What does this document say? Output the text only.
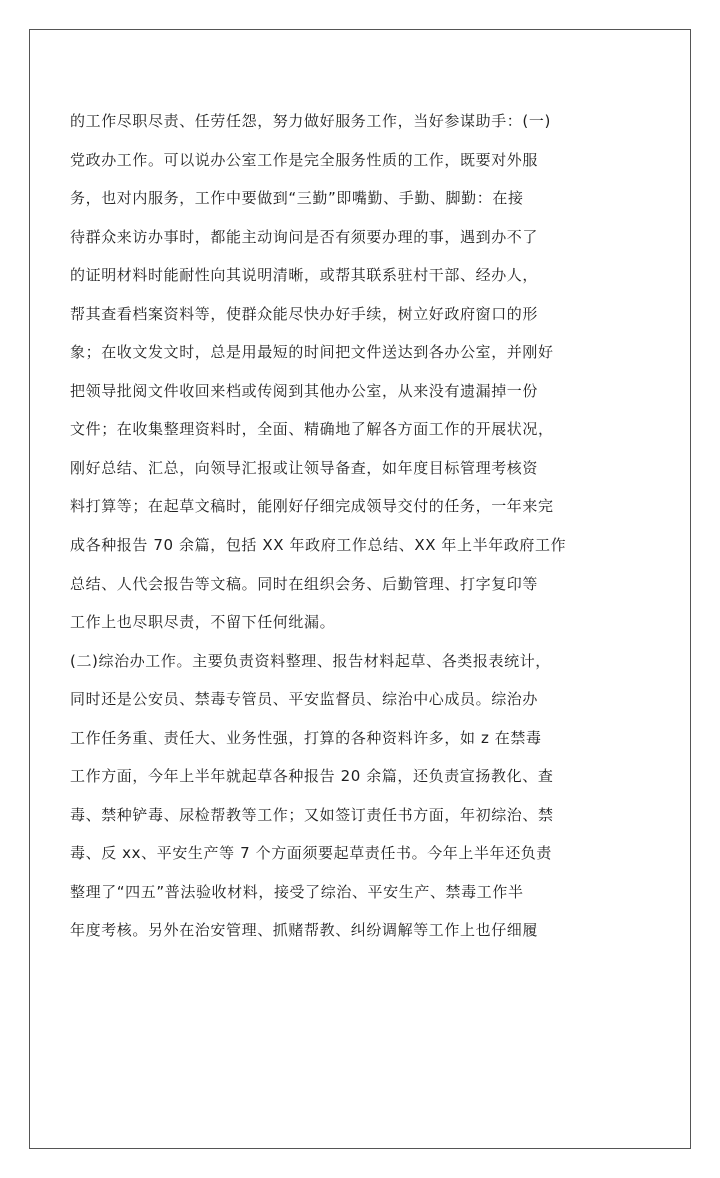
的工作尽职尽责、任劳任怨，努力做好服务工作，当好参谋助手：(一)
党政办工作。可以说办公室工作是完全服务性质的工作，既要对外服
务，也对内服务，工作中要做到“三勤”即嘴勤、手勤、脚勤：在接
待群众来访办事时，都能主动询问是否有须要办理的事，遇到办不了
的证明材料时能耐性向其说明清晰，或帮其联系驻村干部、经办人，
帮其查看档案资料等，使群众能尽快办好手续，树立好政府窗口的形
象；在收文发文时，总是用最短的时间把文件送达到各办公室，并刚好
把领导批阅文件收回来档或传阅到其他办公室，从来没有遗漏掉一份
文件；在收集整理资料时，全面、精确地了解各方面工作的开展状况，
刚好总结、汇总，向领导汇报或让领导备查，如年度目标管理考核资
料打算等；在起草文稿时，能刚好仔细完成领导交付的任务，一年来完
成各种报告 70 余篇，包括 XX 年政府工作总结、XX 年上半年政府工作
总结、人代会报告等文稿。同时在组织会务、后勤管理、打字复印等
工作上也尽职尽责，不留下任何纰漏。
(二)综治办工作。主要负责资料整理、报告材料起草、各类报表统计，
同时还是公安员、禁毒专管员、平安监督员、综治中心成员。综治办
工作任务重、责任大、业务性强，打算的各种资料许多，如 z 在禁毒
工作方面，今年上半年就起草各种报告 20 余篇，还负责宣扬教化、查
毒、禁种铲毒、尿检帮教等工作；又如签订责任书方面，年初综治、禁
毒、反 xx、平安生产等 7 个方面须要起草责任书。今年上半年还负责
整理了“四五”普法验收材料，接受了综治、平安生产、禁毒工作半
年度考核。另外在治安管理、抓赌帮教、纠纷调解等工作上也仔细履
